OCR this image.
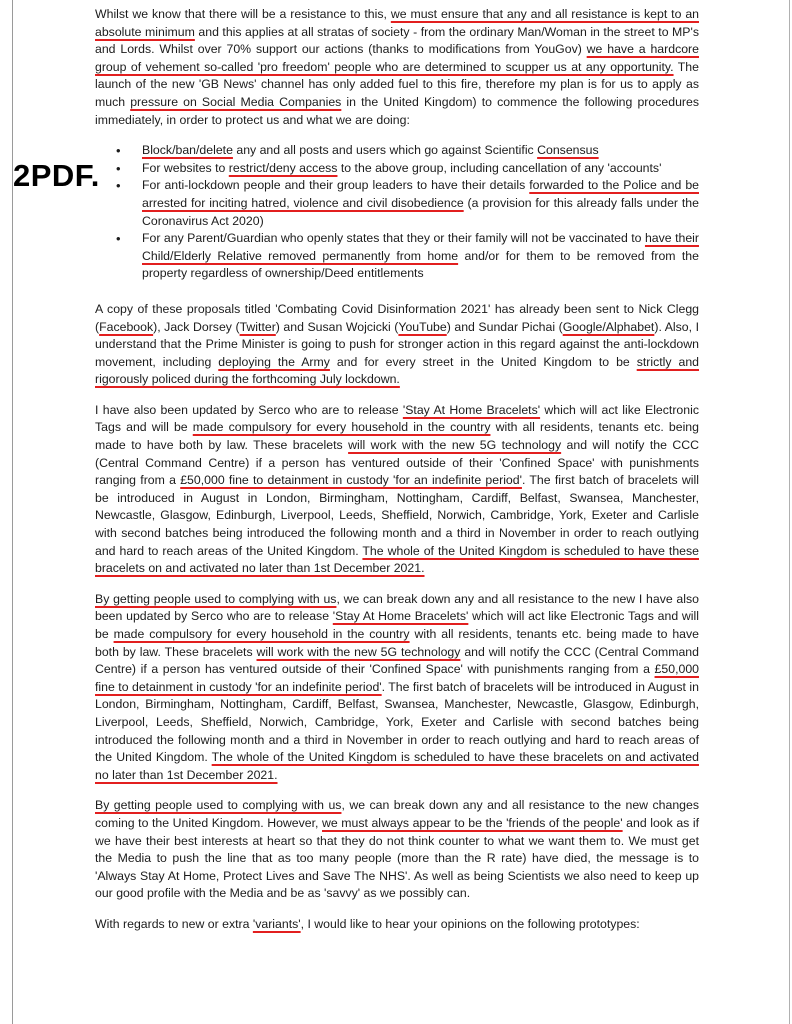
2PDF.

Whilst we know that there will be a resistance to this, we must ensure that any and all resistance is kept to an absolute minimum and this applies at all stratas of society - from the ordinary Man/Woman in the street to MP's and Lords. Whilst over 70% support our actions (thanks to modifications from YouGov) we have a hardcore group of vehement so-called 'pro freedom' people who are determined to scupper us at any opportunity. The launch of the new 'GB News' channel has only added fuel to this fire, therefore my plan is for us to apply as much pressure on Social Media Companies in the United Kingdom) to commence the following procedures immediately, in order to protect us and what we are doing:

• Block/ban/delete any and all posts and users which go against Scientific Consensus
• For websites to restrict/deny access to the above group, including cancellation of any 'accounts'
• For anti-lockdown people and their group leaders to have their details forwarded to the Police and be arrested for inciting hatred, violence and civil disobedience (a provision for this already falls under the Coronavirus Act 2020)
• For any Parent/Guardian who openly states that they or their family will not be vaccinated to have their Child/Elderly Relative removed permanently from home and/or for them to be removed from the property regardless of ownership/Deed entitlements

A copy of these proposals titled 'Combating Covid Disinformation 2021' has already been sent to Nick Clegg (Facebook), Jack Dorsey (Twitter) and Susan Wojcicki (YouTube) and Sundar Pichai (Google/Alphabet). Also, I understand that the Prime Minister is going to push for stronger action in this regard against the anti-lockdown movement, including deploying the Army and for every street in the United Kingdom to be strictly and rigorously policed during the forthcoming July lockdown.

I have also been updated by Serco who are to release 'Stay At Home Bracelets' which will act like Electronic Tags and will be made compulsory for every household in the country with all residents, tenants etc. being made to have both by law. These bracelets will work with the new 5G technology and will notify the CCC (Central Command Centre) if a person has ventured outside of their 'Confined Space' with punishments ranging from a £50,000 fine to detainment in custody 'for an indefinite period'. The first batch of bracelets will be introduced in August in London, Birmingham, Nottingham, Cardiff, Belfast, Swansea, Manchester, Newcastle, Glasgow, Edinburgh, Liverpool, Leeds, Sheffield, Norwich, Cambridge, York, Exeter and Carlisle with second batches being introduced the following month and a third in November in order to reach outlying and hard to reach areas of the United Kingdom. The whole of the United Kingdom is scheduled to have these bracelets on and activated no later than 1st December 2021.

By getting people used to complying with us, we can break down any and all resistance to the new I have also been updated by Serco who are to release 'Stay At Home Bracelets' which will act like Electronic Tags and will be made compulsory for every household in the country with all residents, tenants etc. being made to have both by law. These bracelets will work with the new 5G technology and will notify the CCC (Central Command Centre) if a person has ventured outside of their 'Confined Space' with punishments ranging from a £50,000 fine to detainment in custody 'for an indefinite period'. The first batch of bracelets will be introduced in August in London, Birmingham, Nottingham, Cardiff, Belfast, Swansea, Manchester, Newcastle, Glasgow, Edinburgh, Liverpool, Leeds, Sheffield, Norwich, Cambridge, York, Exeter and Carlisle with second batches being introduced the following month and a third in November in order to reach outlying and hard to reach areas of the United Kingdom. The whole of the United Kingdom is scheduled to have these bracelets on and activated no later than 1st December 2021.

By getting people used to complying with us, we can break down any and all resistance to the new changes coming to the United Kingdom. However, we must always appear to be the 'friends of the people' and look as if we have their best interests at heart so that they do not think counter to what we want them to. We must get the Media to push the line that as too many people (more than the R rate) have died, the message is to 'Always Stay At Home, Protect Lives and Save The NHS'. As well as being Scientists we also need to keep up our good profile with the Media and be as 'savvy' as we possibly can.

With regards to new or extra 'variants', I would like to hear your opinions on the following prototypes:
